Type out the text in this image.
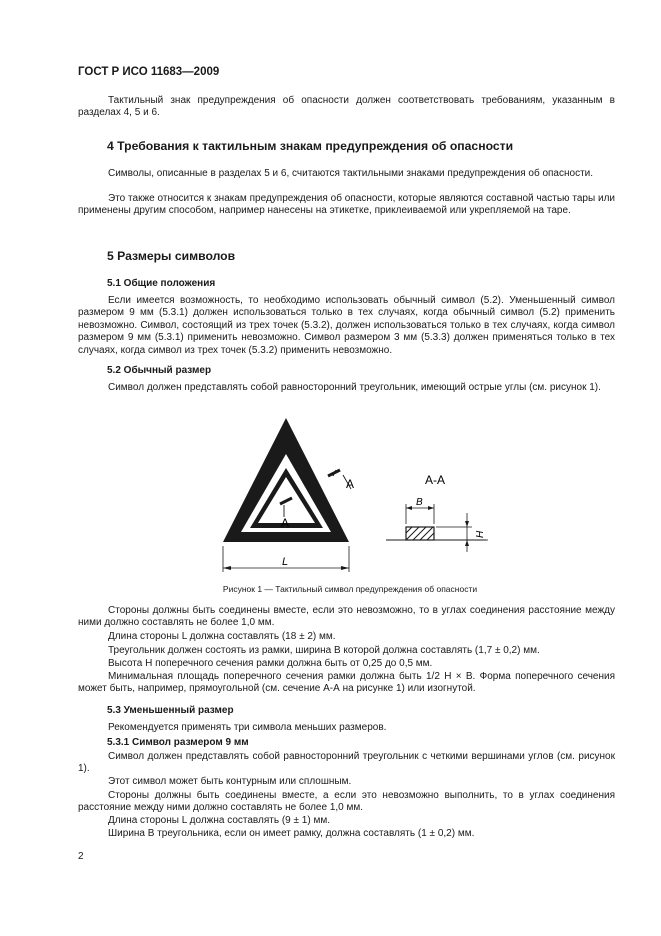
ГОСТ Р ИСО 11683—2009
Тактильный знак предупреждения об опасности должен соответствовать требованиям, указанным в разделах 4, 5 и 6.
4 Требования к тактильным знакам предупреждения об опасности
Символы, описанные в разделах 5 и 6, считаются тактильными знаками предупреждения об опасности.
Это также относится к знакам предупреждения об опасности, которые являются составной частью тары или применены другим способом, например нанесены на этикетке, приклеиваемой или укрепляемой на таре.
5 Размеры символов
5.1 Общие положения
Если имеется возможность, то необходимо использовать обычный символ (5.2). Уменьшенный символ размером 9 мм (5.3.1) должен использоваться только в тех случаях, когда обычный символ (5.2) применить невозможно. Символ, состоящий из трех точек (5.3.2), должен использоваться только в тех случаях, когда символ размером 9 мм (5.3.1) применить невозможно. Символ размером 3 мм (5.3.3) должен применяться только в тех случаях, когда символ из трех точек (5.3.2) применить невозможно.
5.2 Обычный размер
Символ должен представлять собой равносторонний треугольник, имеющий острые углы (см. рисунок 1).
A
A
L
A-A
B
H
Рисунок 1 — Тактильный символ предупреждения об опасности
Стороны должны быть соединены вместе, если это невозможно, то в углах соединения расстояние между ними должно составлять не более 1,0 мм.
Длина стороны L должна составлять (18 ± 2) мм.
Треугольник должен состоять из рамки, ширина B которой должна составлять (1,7 ± 0,2) мм.
Высота H поперечного сечения рамки должна быть от 0,25 до 0,5 мм.
Минимальная площадь поперечного сечения рамки должна быть 1/2 H × B. Форма поперечного сечения может быть, например, прямоугольной (см. сечение А-А на рисунке 1) или изогнутой.
5.3 Уменьшенный размер
Рекомендуется применять три символа меньших размеров.
5.3.1 Символ размером 9 мм
Символ должен представлять собой равносторонний треугольник с четкими вершинами углов (см. рисунок 1).
Этот символ может быть контурным или сплошным.
Стороны должны быть соединены вместе, а если это невозможно выполнить, то в углах соединения расстояние между ними должно составлять не более 1,0 мм.
Длина стороны L должна составлять (9 ± 1) мм.
Ширина B треугольника, если он имеет рамку, должна составлять (1 ± 0,2) мм.
2
